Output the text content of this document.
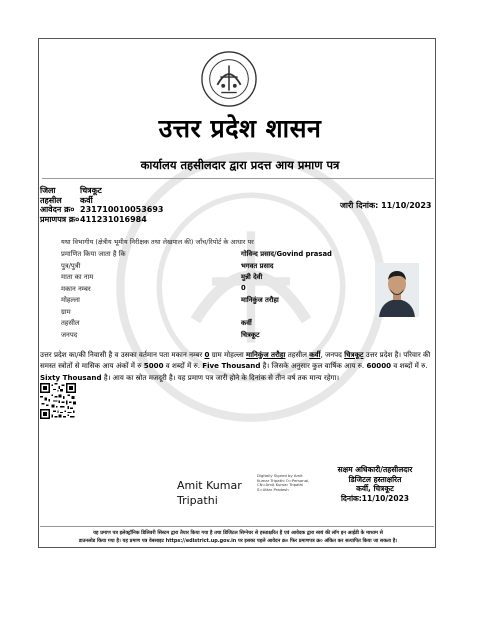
उत्तर प्रदेश शासन
कार्यालय तहसीलदार द्वारा प्रदत्त आय प्रमाण पत्र
जिला	चित्रकूट
तहसील	कर्वी
आवेदन क्र० 231710010053693
प्रमाणपत्र क्र० 411231016984
जारी दिनांक: 11/10/2023
यथा विभागीय (क्षेत्रीय भूमीय निरीक्षक तथा लेखपाल की) जाँच/रिपोर्ट के आधार पर
प्रमाणित किया जाता है कि	गोविन्द प्रसाद/Govind prasad
पुत्र/पुत्री	भगवत प्रसाद
माता का नाम	मुन्नी देवी
मकान नम्बर	0
मोहल्ला	मानिकुंज तरौहा
ग्राम
तहसील	कर्वी
जनपद	चित्रकूट
उत्तर प्रदेश का/की निवासी है व उसका वर्तमान पता मकान नम्बर 0 ग्राम मोहल्ला मानिकुंज तरौहा तहसील कर्वी, जनपद चित्रकूट उत्तर प्रदेश है। परिवार की समस्त स्त्रोतों से मासिक आय अंकों में रु 5000 व शब्दों में रु. Five Thousand है। जिसके अनुसार कुल वार्षिक आय रु. 60000 व शब्दों में रु. Sixty Thousand है। आय का स्रोत मजदूरी है। यह प्रमाण पत्र जारी होने के दिनांक से तीन वर्ष तक मान्य रहेगा।
Amit Kumar
Tripathi
Digitally Signed by Amit
Kumar Tripathi O=Personal,
CN=Amit Kumar Tripathi
S=Uttar Pradesh
सक्षम अधिकारी/तहसीलदार
डिजिटल हस्ताक्षरित
कर्वी, चित्रकूट
दिनांक:11/10/2023
यह प्रमाण पत्र इलेक्ट्रॉनिक डिलिवरी सिस्टम द्वारा तैयार किया गया है तथा डिजिटल सिग्नेचर से हस्ताक्षरित है एवं आवेदक द्वारा स्वयं की लॉग इन आईडी के माध्यम से
डाउनलोड किया गया है। यह प्रमाण पत्र वेबसाइट https://edistrict.up.gov.in पर इसका पहले आवेदन क्र० फिर प्रमाणपत्र क्र० अंकित कर सत्यापित किया जा सकता है।
